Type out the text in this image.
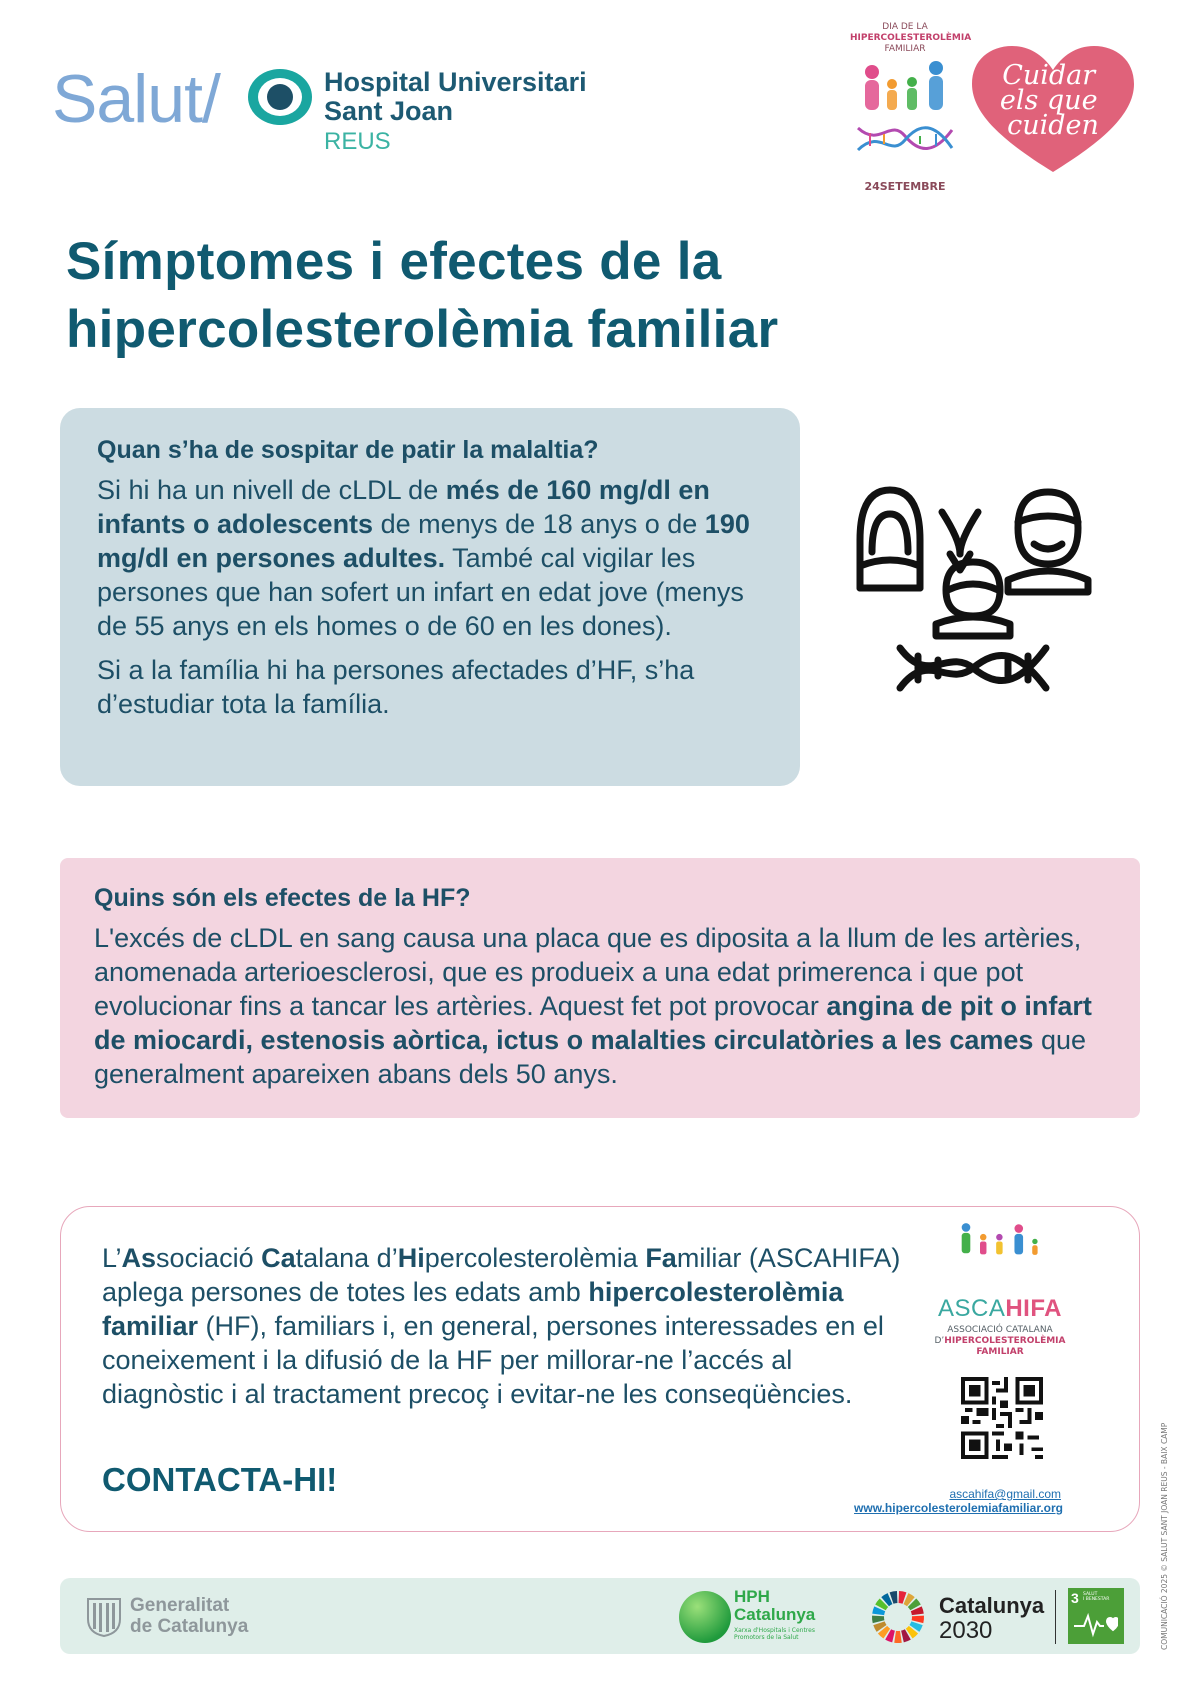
Salut/	Hospital Universitari
Sant Joan
REUS
DIA DE LA
HIPERCOLESTEROLÈMIA
FAMILIAR
24SETEMBRE
Cuidar els que cuiden
Símptomes i efectes de la
hipercolesterolèmia familiar
Quan s’ha de sospitar de patir la malaltia?

Si hi ha un nivell de cLDL de més de 160 mg/dl en infants o adolescents de menys de 18 anys o de 190 mg/dl en persones adultes. També cal vigilar les persones que han sofert un infart en edat jove (menys de 55 anys en els homes o de 60 en les dones).

Si a la família hi ha persones afectades d’HF, s’ha d’estudiar tota la família.

Quins són els efectes de la HF?

L'excés de cLDL en sang causa una placa que es diposita a la llum de les artèries, anomenada arterioesclerosi, que es produeix a una edat primerenca i que pot evolucionar fins a tancar les artèries. Aquest fet pot provocar angina de pit o infart de miocardi, estenosis aòrtica, ictus o malalties circulatòries a les cames que generalment apareixen abans dels 50 anys.

L’Associació Catalana d’Hipercolesterolèmia Familiar (ASCAHIFA) aplega persones de totes les edats amb hipercolesterolèmia familiar (HF), familiars i, en general, persones interessades en el coneixement i la difusió de la HF per millorar-ne l’accés al diagnòstic i al tractament precoç i evitar-ne les conseqüències.

CONTACTA-HI!
ASCAHIFA
ASSOCIACIÓ CATALANA
D’HIPERCOLESTEROLÈMIA
FAMILIAR
ascahifa@gmail.com
www.hipercolesterolemiafamiliar.org	COMUNICACIÓ 2025 © SALUT SANT JOAN REUS - BAIX CAMP
Generalitat
de Catalunya
HPH
Catalunya
Xarxa d'Hospitals i Centres
Promotors de la Salut
Catalunya
2030
3 SALUT
I BENESTAR
